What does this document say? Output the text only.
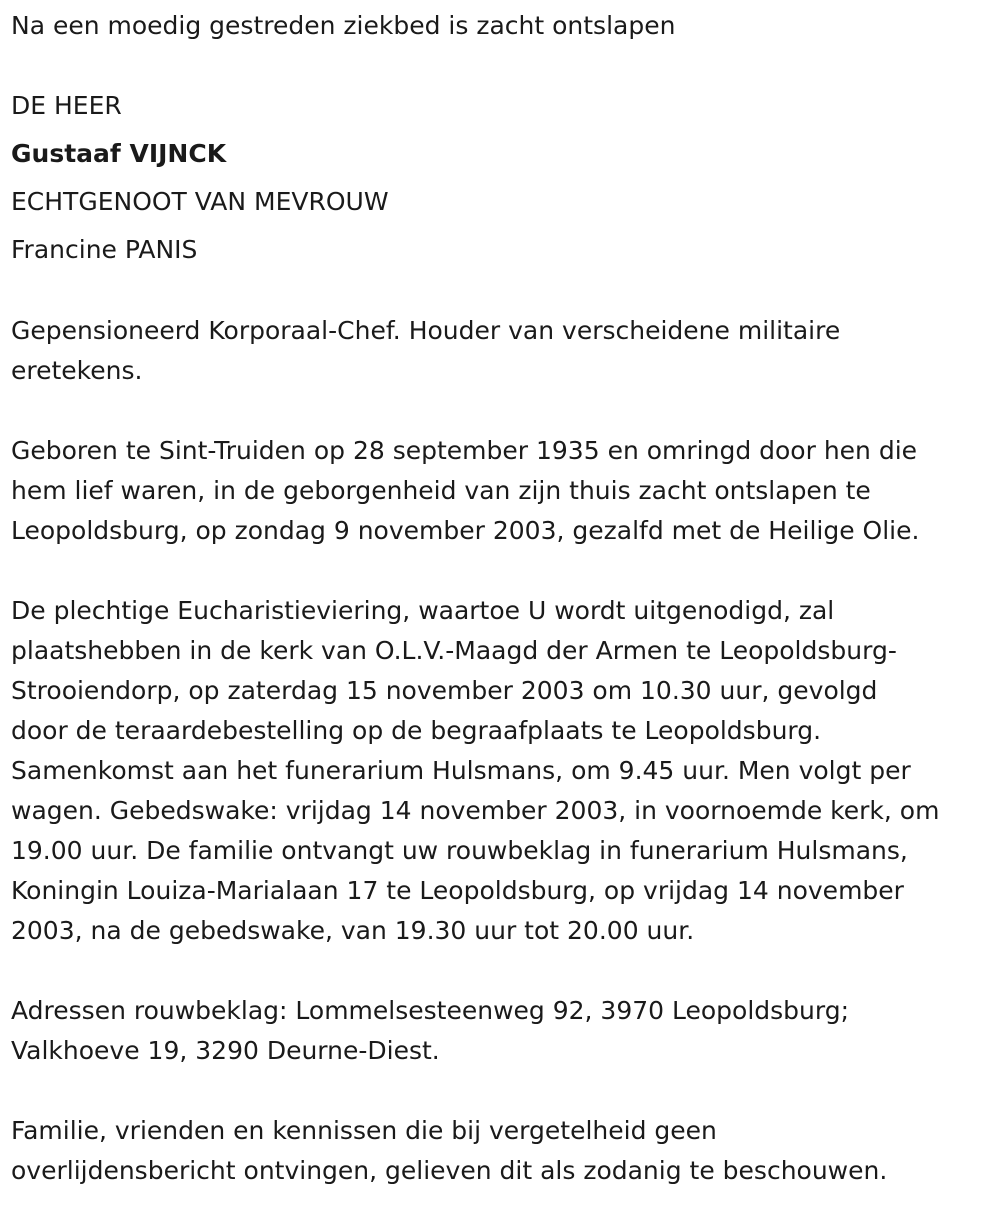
Na een moedig gestreden ziekbed is zacht ontslapen

DE HEER

Gustaaf VIJNCK

ECHTGENOOT VAN MEVROUW

Francine PANIS

Gepensioneerd Korporaal-Chef. Houder van verscheidene militaire
eretekens.
Geboren te Sint-Truiden op 28 september 1935 en omringd door hen die
hem lief waren, in de geborgenheid van zijn thuis zacht ontslapen te
Leopoldsburg, op zondag 9 november 2003, gezalfd met de Heilige Olie.
De plechtige Eucharistieviering, waartoe U wordt uitgenodigd, zal
plaatshebben in de kerk van O.L.V.-Maagd der Armen te Leopoldsburg-
Strooiendorp, op zaterdag 15 november 2003 om 10.30 uur, gevolgd
door de teraardebestelling op de begraafplaats te Leopoldsburg.
Samenkomst aan het funerarium Hulsmans, om 9.45 uur. Men volgt per
wagen. Gebedswake: vrijdag 14 november 2003, in voornoemde kerk, om
19.00 uur. De familie ontvangt uw rouwbeklag in funerarium Hulsmans,
Koningin Louiza-Marialaan 17 te Leopoldsburg, op vrijdag 14 november
2003, na de gebedswake, van 19.30 uur tot 20.00 uur.
Adressen rouwbeklag: Lommelsesteenweg 92, 3970 Leopoldsburg;
Valkhoeve 19, 3290 Deurne-Diest.
Familie, vrienden en kennissen die bij vergetelheid geen
overlijdensbericht ontvingen, gelieven dit als zodanig te beschouwen.
